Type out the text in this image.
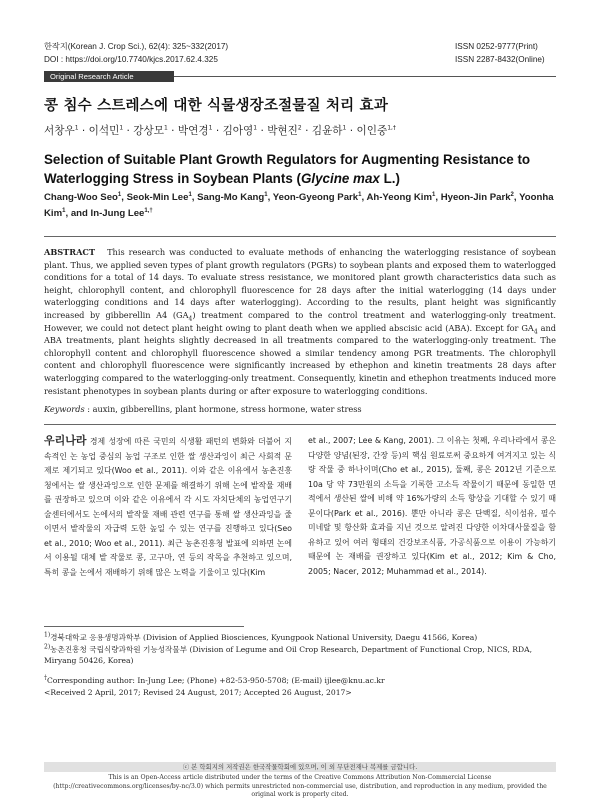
한작지(Korean J. Crop Sci.), 62(4): 325~332(2017)
DOI : https://doi.org/10.7740/kjcs.2017.62.4.325
ISSN 0252-9777(Print)
ISSN 2287-8432(Online)
Original Research Article
콩 침수 스트레스에 대한 식물생장조절물질 처리 효과
서창우$^1$ · 이석민$^1$ · 강상모$^1$ · 박연경$^1$ · 김아영$^1$ · 박현진$^2$ · 김윤하$^1$ · 이인중$^{1,\dagger}$
Selection of Suitable Plant Growth Regulators for Augmenting Resistance to Waterlogging Stress in Soybean Plants (Glycine max L.)
Chang-Woo Seo$^1$, Seok-Min Lee$^1$, Sang-Mo Kang$^1$, Yeon-Gyeong Park$^1$, Ah-Yeong Kim$^1$, Hyeon-Jin Park$^2$, Yoonha Kim$^1$, and In-Jung Lee$^{1,\dagger}$
ABSTRACT This research was conducted to evaluate methods of enhancing the waterlogging resistance of soybean plant. Thus, we applied seven types of plant growth regulators (PGRs) to soybean plants and exposed them to waterlogged conditions for a total of 14 days. To evaluate stress resistance, we monitored plant growth characteristics data such as height, chlorophyll content, and chlorophyll fluorescence for 28 days after the initial waterlogging (14 days under waterlogging conditions and 14 days after waterlogging). According to the results, plant height was significantly increased by gibberellin A4 $(GA_4)$ treatment compared to the control treatment and waterlogging-only treatment. However, we could not detect plant height owing to plant death when we applied abscisic acid (ABA). Except for $GA_4$ and ABA treatments, plant heights slightly decreased in all treatments compared to the waterlogging-only treatment. The chlorophyll content and chlorophyll fluorescence showed a similar tendency among PGR treatments. The chlorophyll content and chlorophyll fluorescence were significantly increased by ethephon and kinetin treatments 28 days after waterlogging compared to the waterlogging-only treatment. Consequently, kinetin and ethephon treatments induced more resistant phenotypes in soybean plants during or after exposure to waterlogging conditions.
Keywords : auxin, gibberellins, plant hormone, stress hormone, water stress
우리나라 경제 성장에 따른 국민의 식생활 패턴의 변화와 더불어 지속적인 논 농업 중심의 농업 구조로 인한 쌀 생산과잉이 최근 사회적 문제로 제기되고 있다(Woo et al., 2011). 이와 같은 이유에서 농촌진흥청에서는 쌀 생산과잉으로 인한 문제를 해결하기 위해 논에 밭작물 재배를 권장하고 있으며 이와 같은 이유에서 각 시도 자치단체의 농업연구기술센터에서도 논에서의 밭작물 재배 관련 연구를 통해 쌀 생산과잉을 줄이면서 밭작물의 자급력 도한 높일 수 있는 연구를 진행하고 있다(Seo et al., 2010; Woo et al., 2011). 최근 농촌진흥청 발표에 의하면 논에서 이용될 대체 밭 작물로 콩, 고구마, 연 등의 작목을 추천하고 있으며, 특히 콩을 논에서 재배하기 위해 많은 노력을 기울이고 있다(Kim
et al., 2007; Lee & Kang, 2001). 그 이유는 첫째, 우리나라에서 콩은 다양한 양념(된장, 간장 등)의 핵심 원료로써 중요하게 여겨지고 있는 식량 작물 중 하나이며(Cho et al., 2015), 둘째, 콩은 2012년 기준으로 10a 당 약 73만원의 소득을 기록한 고소득 작물이기 때문에 동일한 면적에서 생산된 쌀에 비해 약 16%가량의 소득 향상을 기대할 수 있기 때문이다(Park et al., 2016). 뿐만 아니라 콩은 단백질, 식이섬유, 필수 미네랄 및 항산화 효과를 지닌 것으로 알려진 다양한 이차대사물질을 함유하고 있어 여러 형태의 건강보조식품, 가공식품으로 이용이 가능하기 때문에 논 재배를 권장하고 있다(Kim et al., 2012; Kim & Cho, 2005; Nacer, 2012; Muhammad et al., 2014).
$^{1)}$경북대학교 응용생명과학부 (Division of Applied Biosciences, Kyungpook National University, Daegu 41566, Korea)
$^{2)}$농촌진흥청 국립식량과학원 기능성작물부 (Division of Legume and Oil Crop Research, Department of Functional Crop, NICS, RDA, Miryang 50426, Korea)
†Corresponding author: In-Jung Lee; (Phone) +82-53-950-5708; (E-mail) ijlee@knu.ac.kr
<Received 2 April, 2017; Revised 24 August, 2017; Accepted 26 August, 2017>
ⓒ 본 학회지의 저작권은 한국작물학회에 있으며, 이 외 무단전재나 복제를 금합니다.
This is an Open-Access article distributed under the terms of the Creative Commons Attribution Non-Commercial License (http://creativecommons.org/licenses/by-nc/3.0) which permits unrestricted non-commercial use, distribution, and reproduction in any medium, provided the original work is properly cited.
